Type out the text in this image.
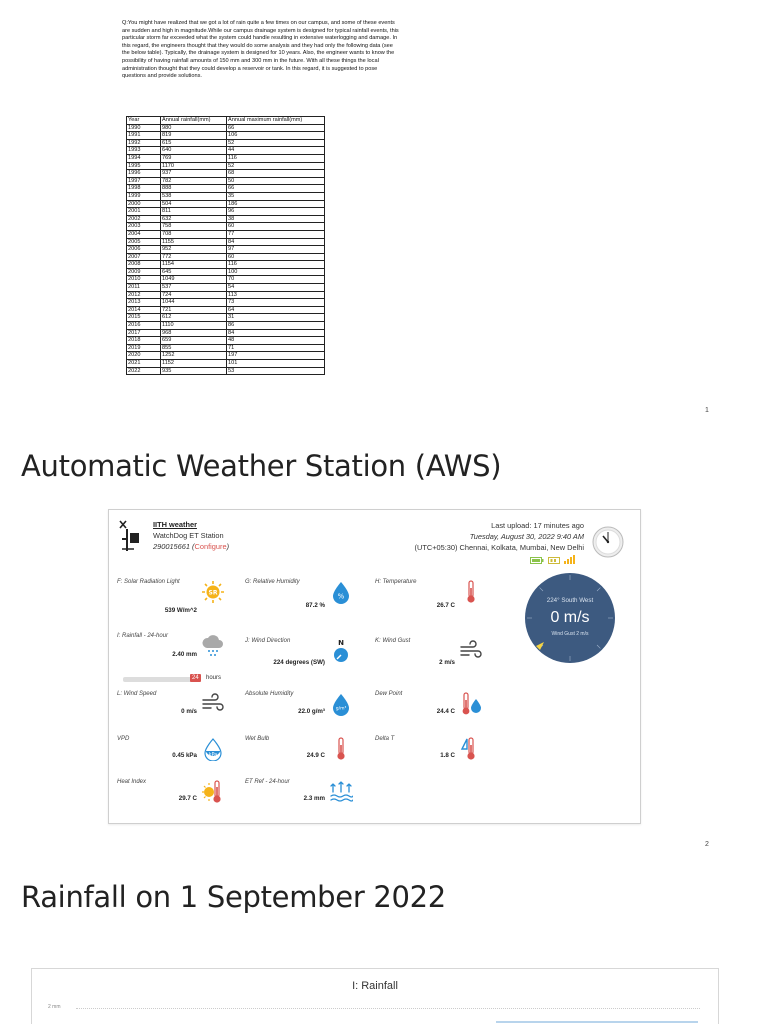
Q:You might have realized that we got a lot of rain quite a few times on our campus, and some of these events are sudden and high in magnitude.While our campus drainage system is designed for typical rainfall events, this particular storm far exceeded what the system could handle resulting in extensive waterlogging and damage. In this regard, the engineers thought that they would do some analysis and they had only the following data (see the below table). Typically, the drainage system is designed for 10 years. Also, the engineer wants to know the possibility of having rainfall amounts of 150 mm and 300 mm in the future. With all these things the local administration thought that they could develop a reservoir or tank. In this regard, it is suggested to pose questions and provide solutions.
Year	Annual rainfall(mm)	Annual maximum rainfall(mm)
1990	980	66
1991	819	106
1992	615	52
1993	640	44
1994	769	116
1995	1170	52
1996	937	68
1997	782	50
1998	888	66
1999	538	35
2000	504	186
2001	811	96
2002	632	38
2003	758	60
2004	708	77
2005	1155	84
2006	952	97
2007	772	60
2008	1154	116
2009	645	100
2010	1049	70
2011	537	54
2012	724	113
2013	1044	73
2014	721	64
2015	612	31
2016	1110	86
2017	968	84
2018	659	48
2019	855	71
2020	1252	197
2021	1152	101
2022	935	53
1
Automatic Weather Station (AWS)
IITH weather
WatchDog ET Station
290015661 (Configure)
Last upload: 17 minutes ago
Tuesday, August 30, 2022 9:40 AM
(UTC+05:30) Chennai, Kolkata, Mumbai, New Delhi
F: Solar Radiation Light
539 W/m^2
SR
G: Relative Humidity
87.2 %
%
H: Temperature
26.7 C
I: Rainfall - 24-hour
2.40 mm
24	hours
J: Wind Direction
224 degrees (SW)
N	K: Wind Gust
2 m/s
L: Wind Speed
0 m/s
Absolute Humidity
22.0 g/m³ g/m³
Dew Point
24.4 C
VPD
0.45 kPa kPa
Wet Bulb
24.9 C
Delta T
1.8 C
Heat Index
29.7 C
ET Ref - 24-hour
2.3 mm
224° South West
0 m/s
Wind Gust 2 m/s
2
Rainfall on 1 September 2022
I: Rainfall
2 mm
